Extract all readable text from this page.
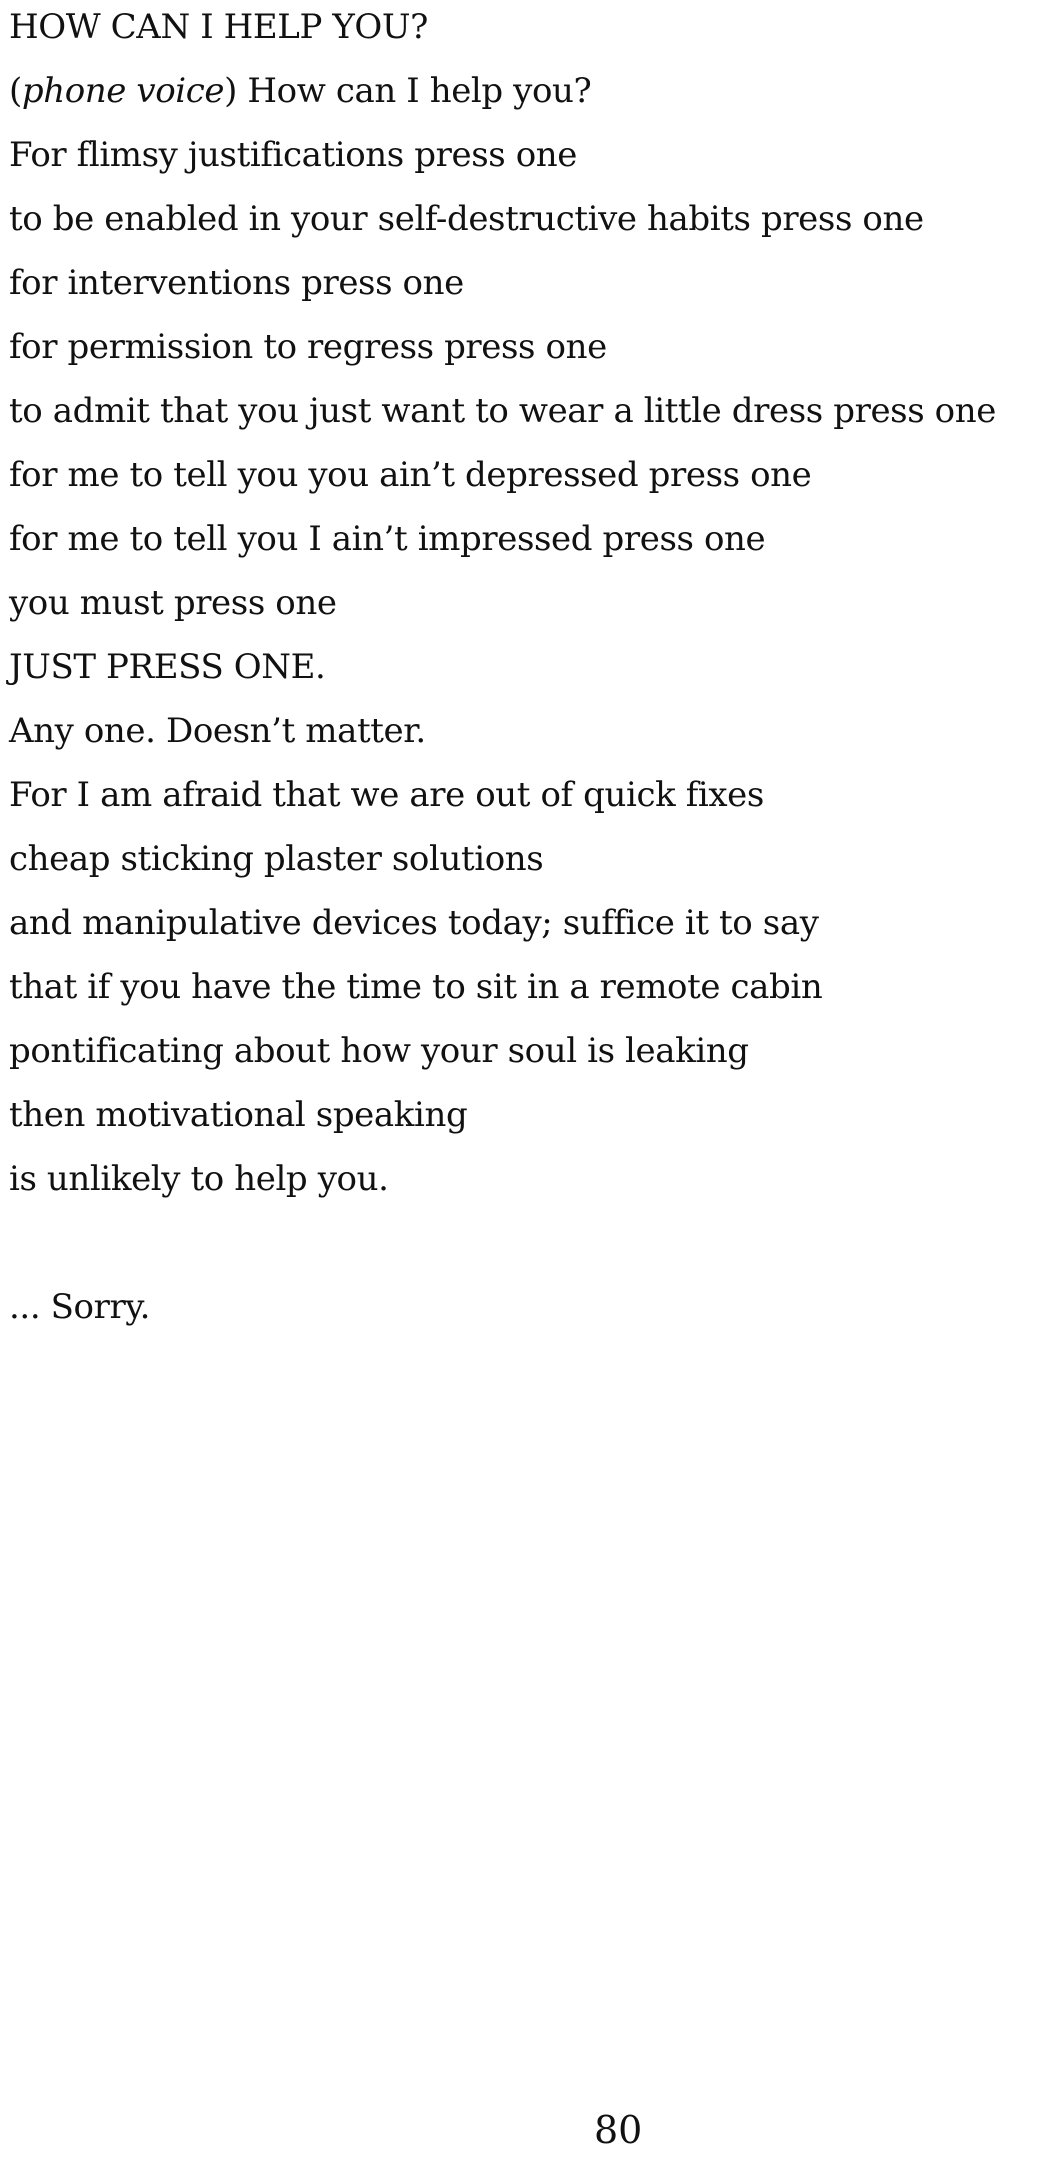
HOW CAN I HELP YOU?
(phone voice) How can I help you?
For flimsy justifications press one
to be enabled in your self-destructive habits press one
for interventions press one
for permission to regress press one
to admit that you just want to wear a little dress press one
for me to tell you you ain’t depressed press one
for me to tell you I ain’t impressed press one
you must press one
JUST PRESS ONE.
Any one. Doesn’t matter.
For I am afraid that we are out of quick fixes
cheap sticking plaster solutions
and manipulative devices today; suffice it to say
that if you have the time to sit in a remote cabin
pontificating about how your soul is leaking
then motivational speaking
is unlikely to help you.
... Sorry.
80
